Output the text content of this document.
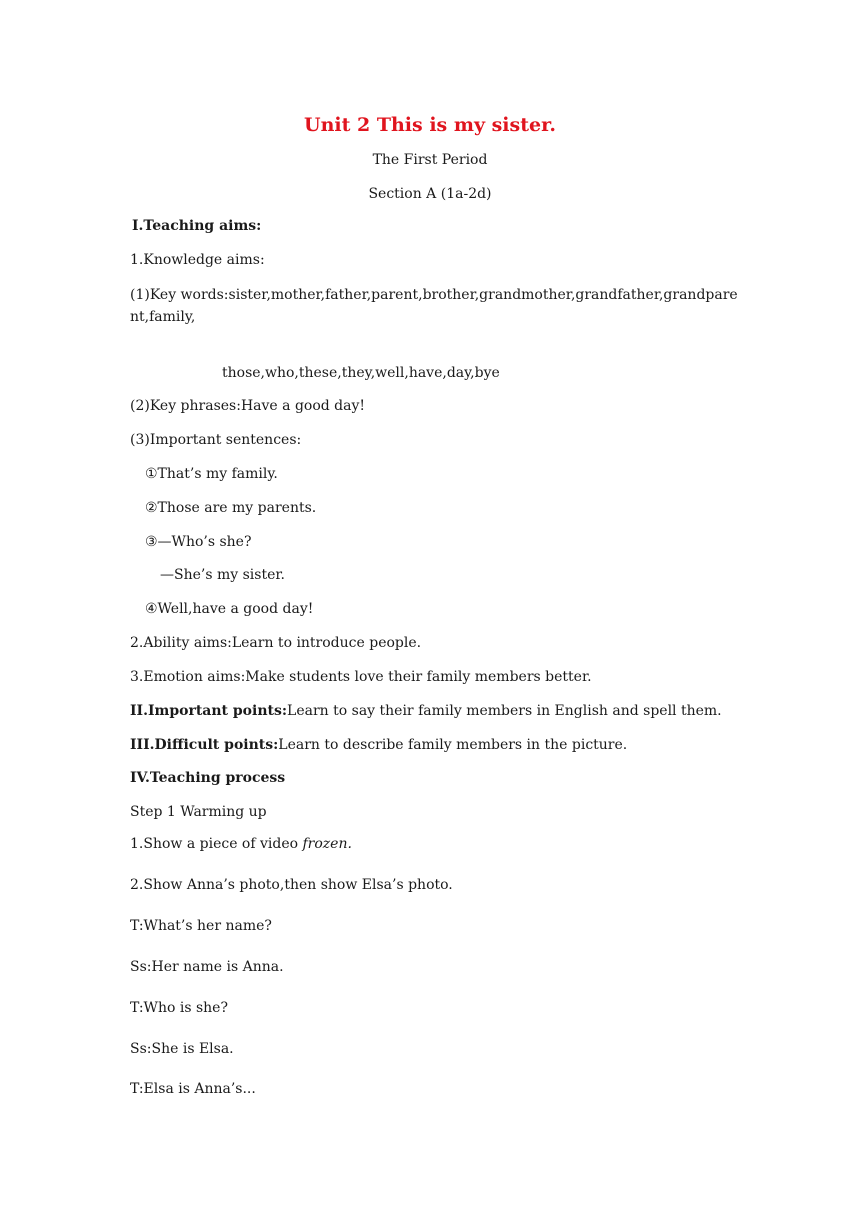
Unit 2 This is my sister.
The First Period
Section A (1a-2d)
Ⅰ.Teaching aims:
1.Knowledge aims:
(1)Key words:sister,mother,father,parent,brother,grandmother,grandfather,grandparent,family,
those,who,these,they,well,have,day,bye
(2)Key phrases:Have a good day!
(3)Important sentences:
①That’s my family.
②Those are my parents.
③—Who’s she?
—She’s my sister.
④Well,have a good day!
2.Ability aims:Learn to introduce people.
3.Emotion aims:Make students love their family members better.
II.Important points:Learn to say their family members in English and spell them.
III.Difficult points:Learn to describe family members in the picture.
IV.Teaching process
Step 1 Warming up
1.Show a piece of video frozen.
2.Show Anna’s photo,then show Elsa’s photo.
T:What’s her name?
Ss:Her name is Anna.
T:Who is she?
Ss:She is Elsa.
T:Elsa is Anna’s...
